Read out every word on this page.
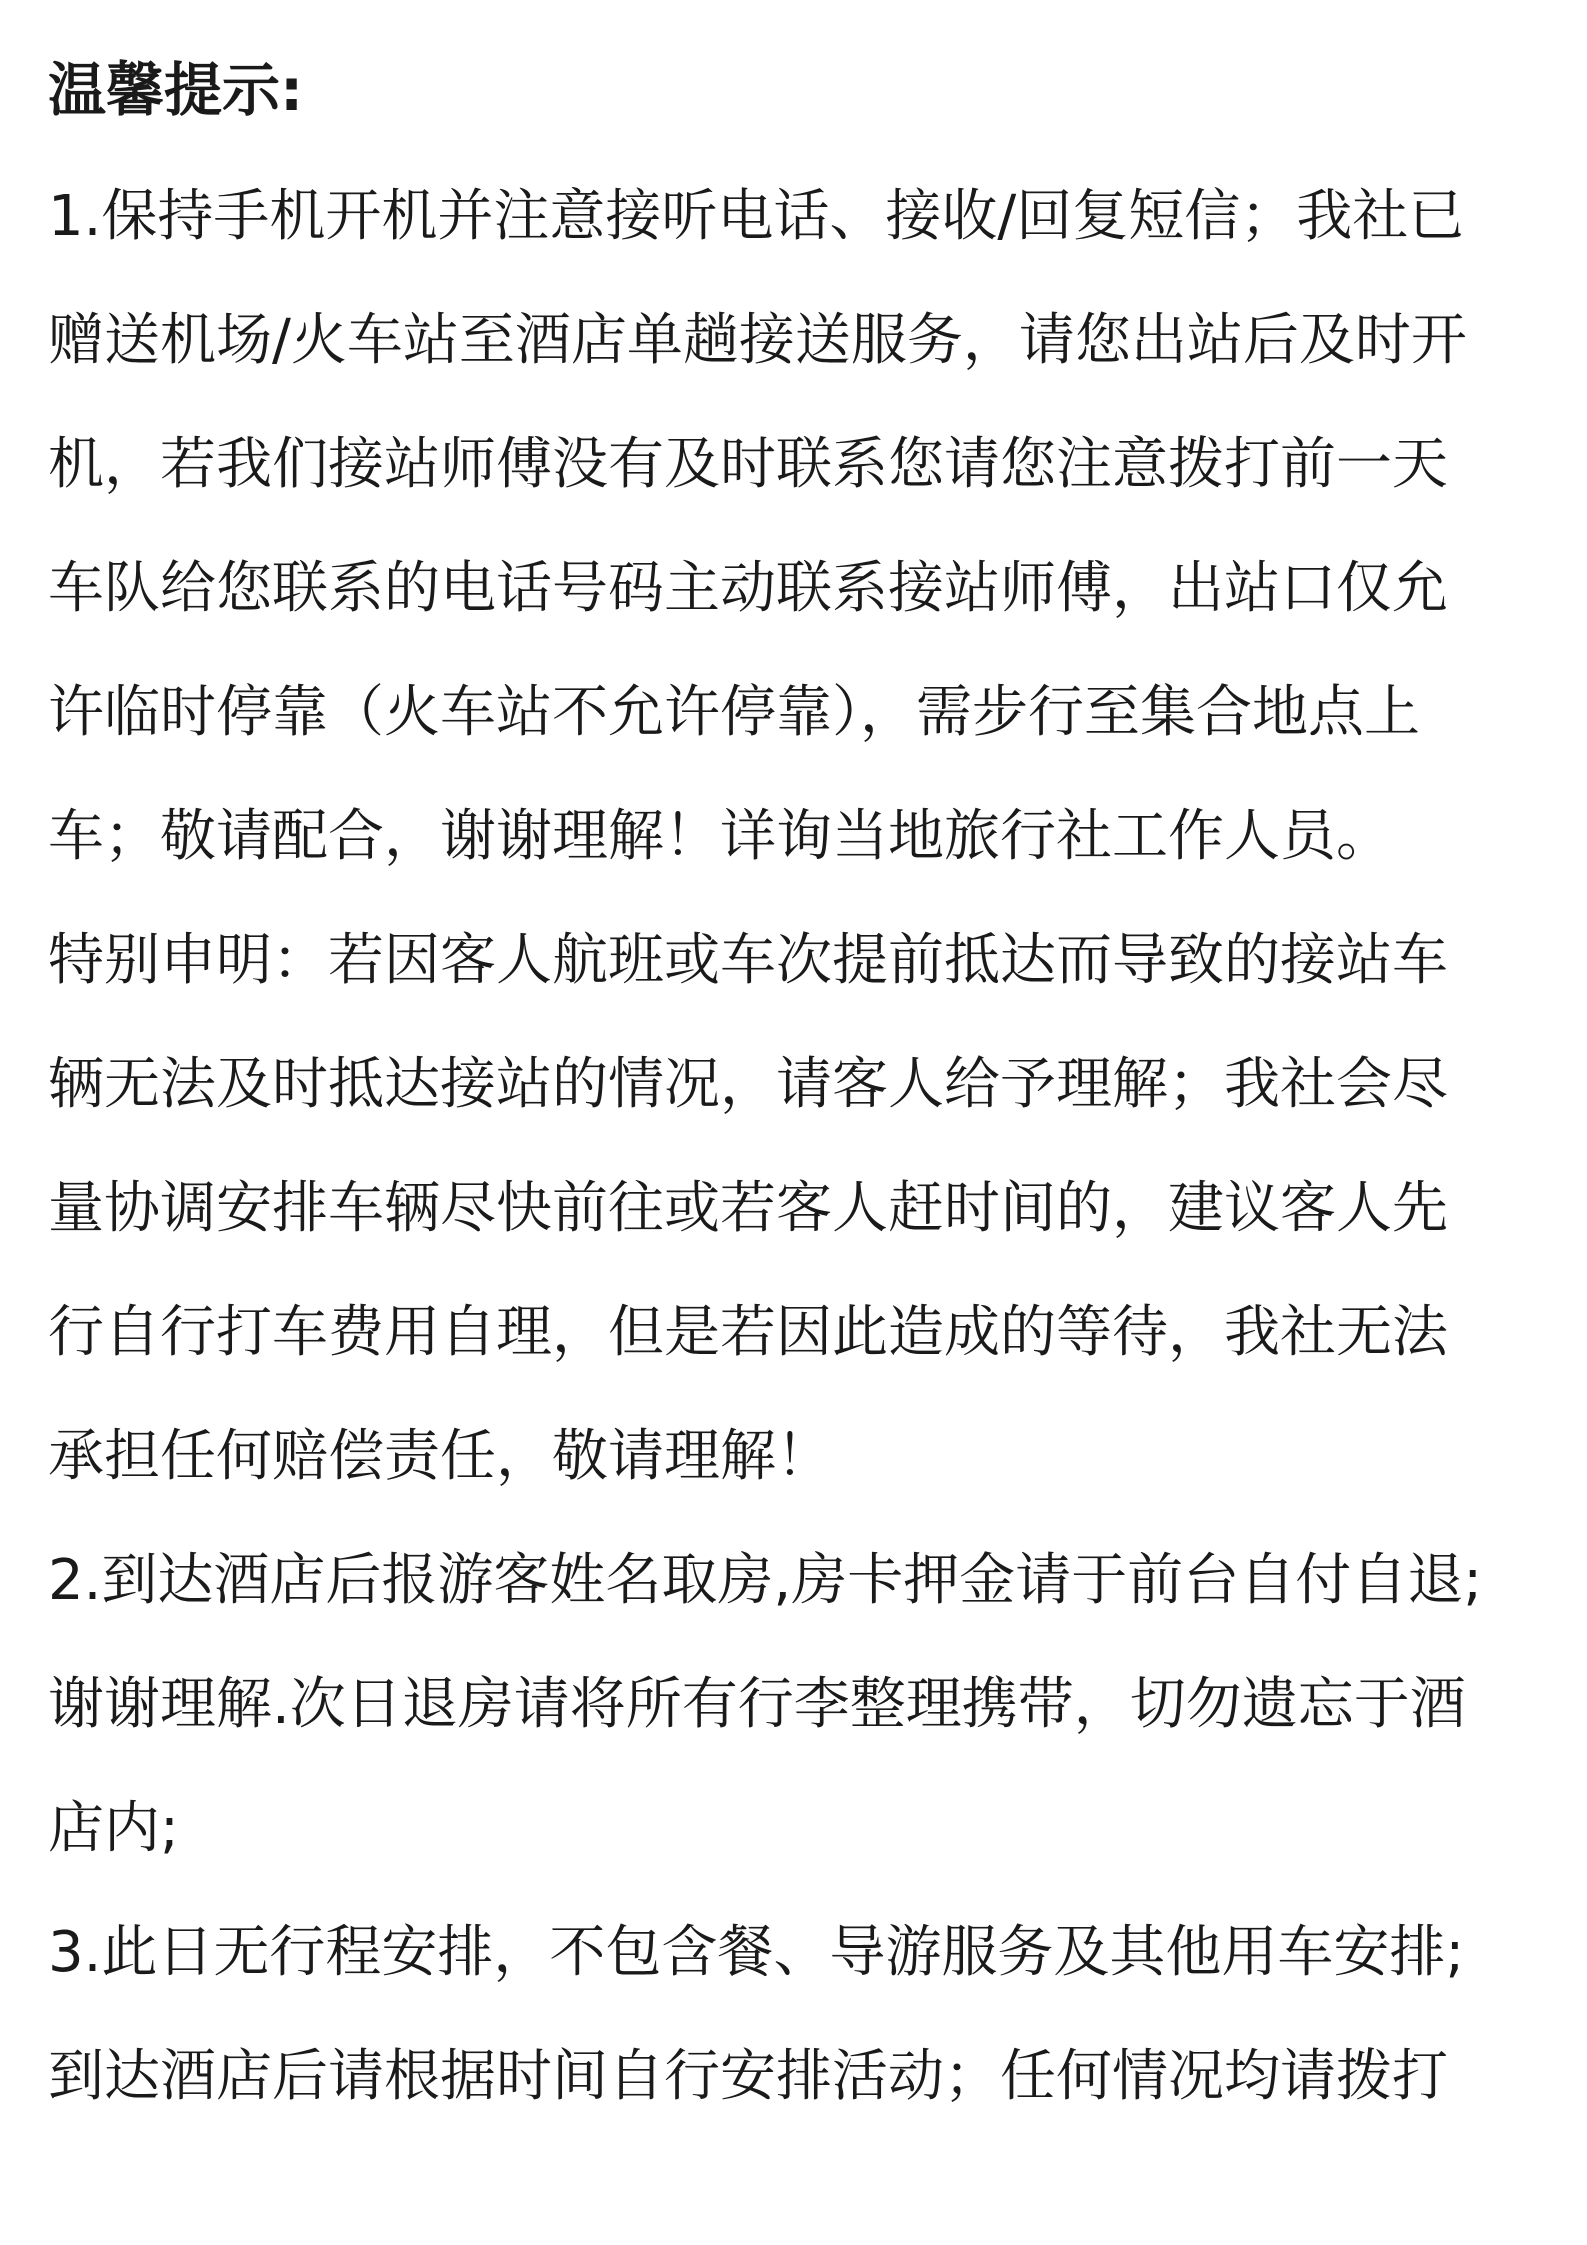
温馨提示:
1.保持手机开机并注意接听电话、接收/回复短信；我社已
赠送机场/火车站至酒店单趟接送服务，请您出站后及时开
机，若我们接站师傅没有及时联系您请您注意拨打前一天
车队给您联系的电话号码主动联系接站师傅，出站口仅允
许临时停靠（火车站不允许停靠），需步行至集合地点上
车；敬请配合，谢谢理解！详询当地旅行社工作人员。
特别申明：若因客人航班或车次提前抵达而导致的接站车
辆无法及时抵达接站的情况，请客人给予理解；我社会尽
量协调安排车辆尽快前往或若客人赶时间的，建议客人先
行自行打车费用自理，但是若因此造成的等待，我社无法
承担任何赔偿责任，敬请理解！
2.到达酒店后报游客姓名取房,房卡押金请于前台自付自退;
谢谢理解.次日退房请将所有行李整理携带，切勿遗忘于酒
店内;
3.此日无行程安排，不包含餐、导游服务及其他用车安排;
到达酒店后请根据时间自行安排活动；任何情况均请拨打
